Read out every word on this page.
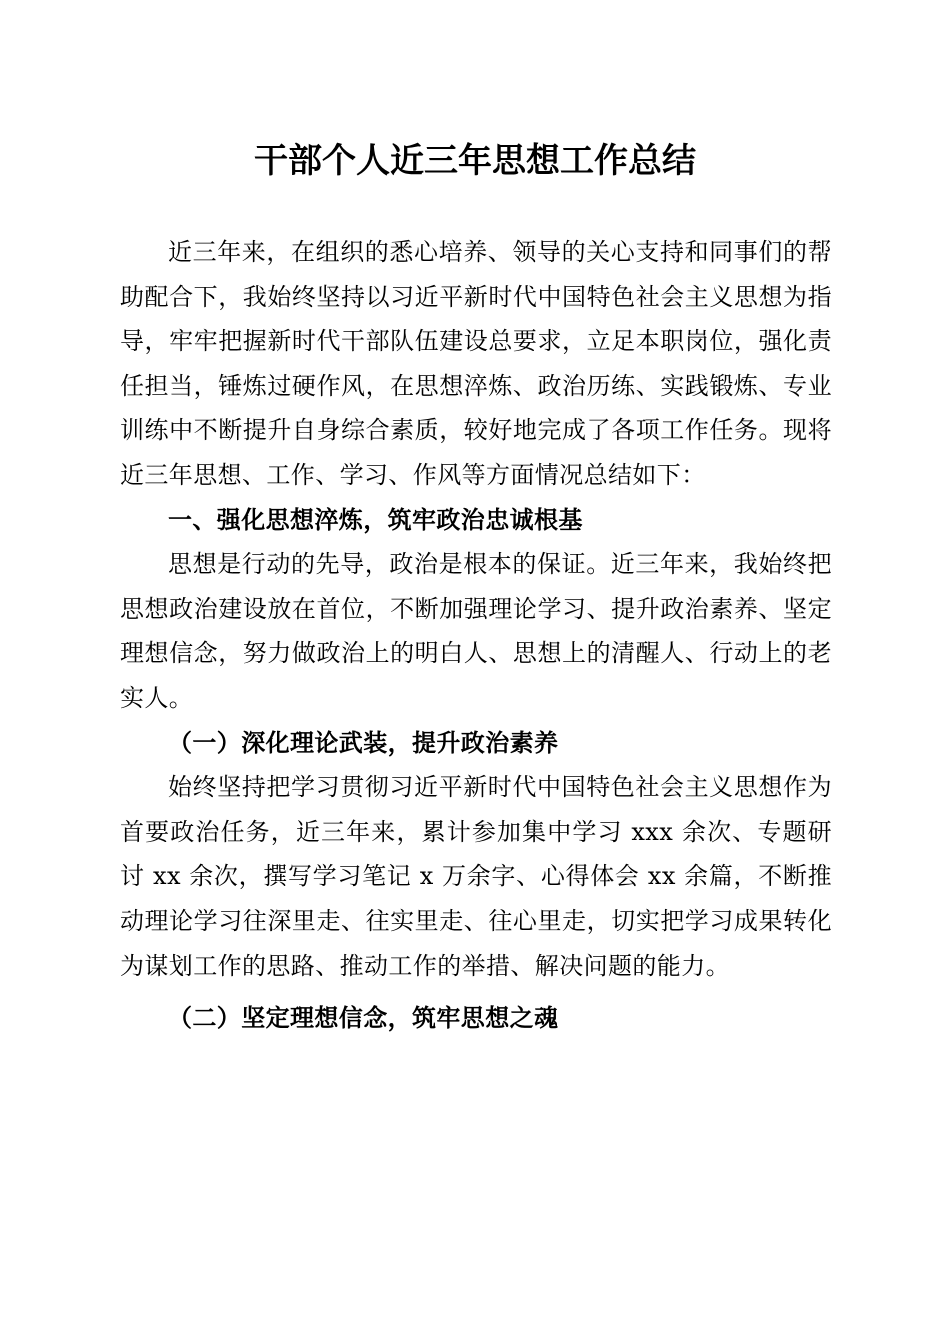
干部个人近三年思想工作总结

近三年来，在组织的悉心培养、领导的关心支持和同事们的帮助配合下，我始终坚持以习近平新时代中国特色社会主义思想为指导，牢牢把握新时代干部队伍建设总要求，立足本职岗位，强化责任担当，锤炼过硬作风，在思想淬炼、政治历练、实践锻炼、专业训练中不断提升自身综合素质，较好地完成了各项工作任务。现将近三年思想、工作、学习、作风等方面情况总结如下：

一、强化思想淬炼，筑牢政治忠诚根基

思想是行动的先导，政治是根本的保证。近三年来，我始终把思想政治建设放在首位，不断加强理论学习、提升政治素养、坚定理想信念，努力做政治上的明白人、思想上的清醒人、行动上的老实人。

（一）深化理论武装，提升政治素养

始终坚持把学习贯彻习近平新时代中国特色社会主义思想作为首要政治任务，近三年来，累计参加集中学习 xxx 余次、专题研讨 xx 余次，撰写学习笔记 x 万余字、心得体会 xx 余篇，不断推动理论学习往深里走、往实里走、往心里走，切实把学习成果转化为谋划工作的思路、推动工作的举措、解决问题的能力。

（二）坚定理想信念，筑牢思想之魂
